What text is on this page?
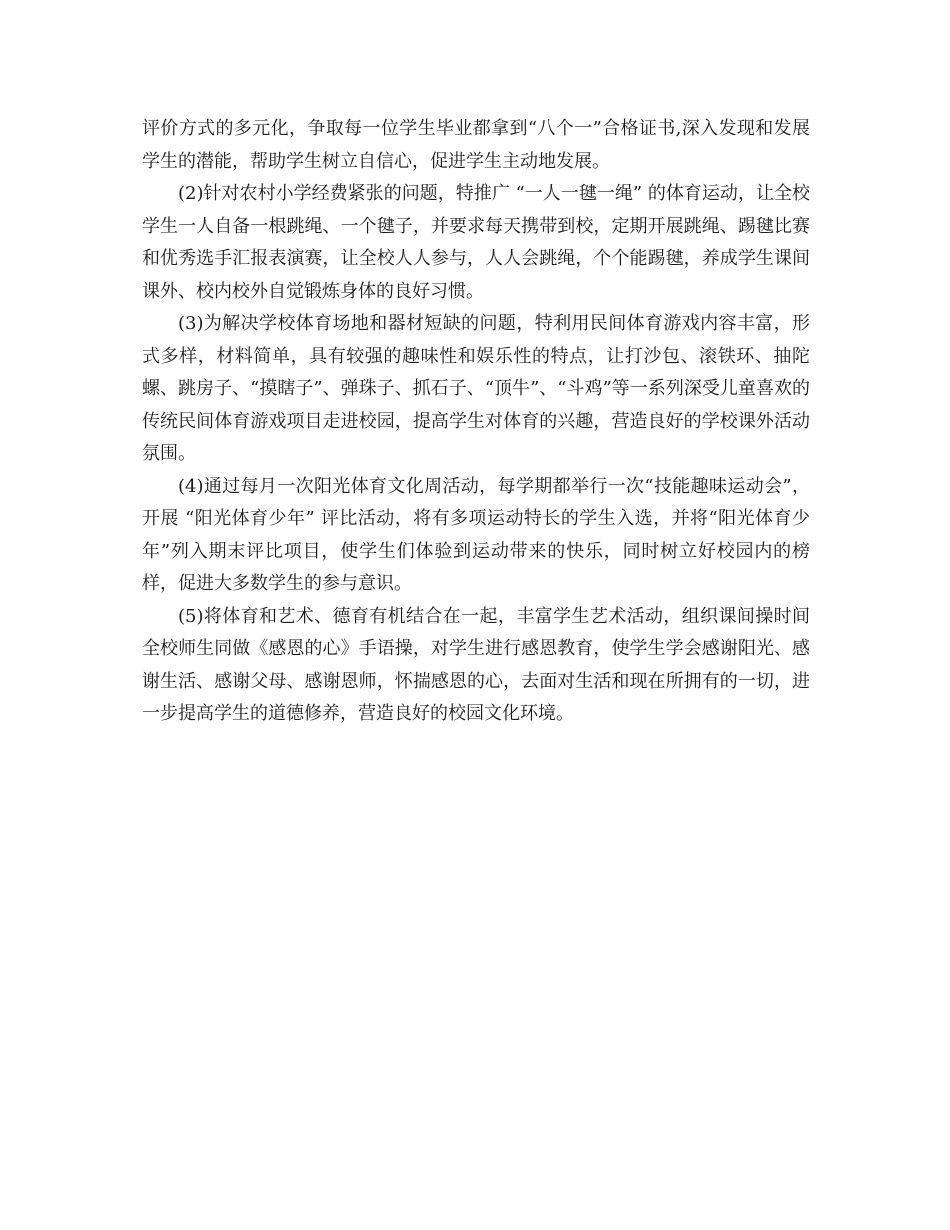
评价方式的多元化，争取每一位学生毕业都拿到“八个一”合格证书,深入发现和发展学生的潜能，帮助学生树立自信心，促进学生主动地发展。

(2)针对农村小学经费紧张的问题，特推广 “一人一毽一绳” 的体育运动，让全校学生一人自备一根跳绳、一个毽子，并要求每天携带到校，定期开展跳绳、踢毽比赛和优秀选手汇报表演赛，让全校人人参与，人人会跳绳，个个能踢毽，养成学生课间课外、校内校外自觉锻炼身体的良好习惯。

(3)为解决学校体育场地和器材短缺的问题，特利用民间体育游戏内容丰富，形式多样，材料简单，具有较强的趣味性和娱乐性的特点，让打沙包、滚铁环、抽陀螺、跳房子、“摸瞎子”、弹珠子、抓石子、“顶牛”、“斗鸡”等一系列深受儿童喜欢的传统民间体育游戏项目走进校园，提高学生对体育的兴趣，营造良好的学校课外活动氛围。

(4)通过每月一次阳光体育文化周活动，每学期都举行一次“技能趣味运动会”，开展 “阳光体育少年” 评比活动，将有多项运动特长的学生入选，并将“阳光体育少年”列入期末评比项目，使学生们体验到运动带来的快乐，同时树立好校园内的榜样，促进大多数学生的参与意识。

(5)将体育和艺术、德育有机结合在一起，丰富学生艺术活动，组织课间操时间全校师生同做《感恩的心》手语操，对学生进行感恩教育，使学生学会感谢阳光、感谢生活、感谢父母、感谢恩师，怀揣感恩的心，去面对生活和现在所拥有的一切，进一步提高学生的道德修养，营造良好的校园文化环境。
